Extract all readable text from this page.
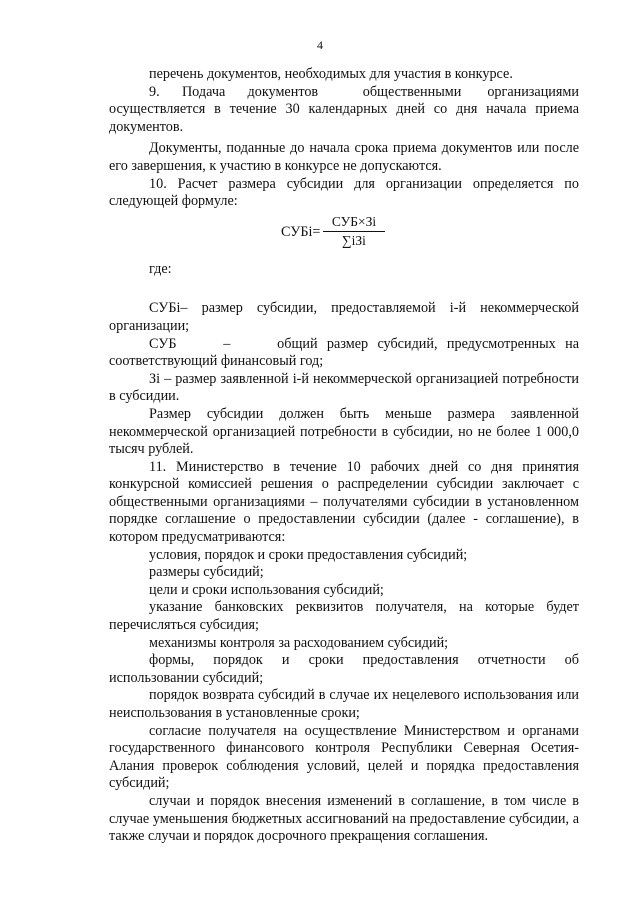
4

перечень документов, необходимых для участия в конкурсе.

9.      Подача      документов            общественными       организациями осуществляется в течение 30 календарных дней со дня начала приема документов.

Документы, поданные до начала срока приема документов или после его завершения, к участию в конкурсе не допускаются.

10. Расчет размера субсидии для организации определяется по следующей формуле:

СУБi=
СУБ×Зi
∑iЗi

где:

СУБi– размер субсидии, предоставляемой i-й некоммерческой организации;

СУБ     –     общий размер субсидий, предусмотренных на соответствующий финансовый год;

Зi – размер заявленной i-й некоммерческой организацией потребности в субсидии.

Размер субсидии должен быть меньше размера заявленной некоммерческой организацией потребности в субсидии, но не более 1 000,0 тысяч рублей.

11. Министерство в течение 10 рабочих дней со дня принятия конкурсной комиссией решения о распределении субсидии заключает с общественными организациями – получателями субсидии в установленном порядке соглашение о предоставлении субсидии (далее - соглашение), в котором предусматриваются:

условия, порядок и сроки предоставления субсидий;

размеры субсидий;

цели и сроки использования субсидий;

указание банковских реквизитов получателя, на которые будет перечисляться субсидия;

механизмы контроля за расходованием субсидий;

формы, порядок и сроки предоставления отчетности об использовании субсидий;

порядок возврата субсидий в случае их нецелевого использования или неиспользования в установленные сроки;

согласие получателя на осуществление Министерством и органами государственного финансового контроля Республики Северная Осетия-Алания проверок соблюдения условий, целей и порядка предоставления субсидий;

случаи и порядок внесения изменений в соглашение, в том числе в случае уменьшения бюджетных ассигнований на предоставление субсидии, а также случаи и порядок досрочного прекращения соглашения.
